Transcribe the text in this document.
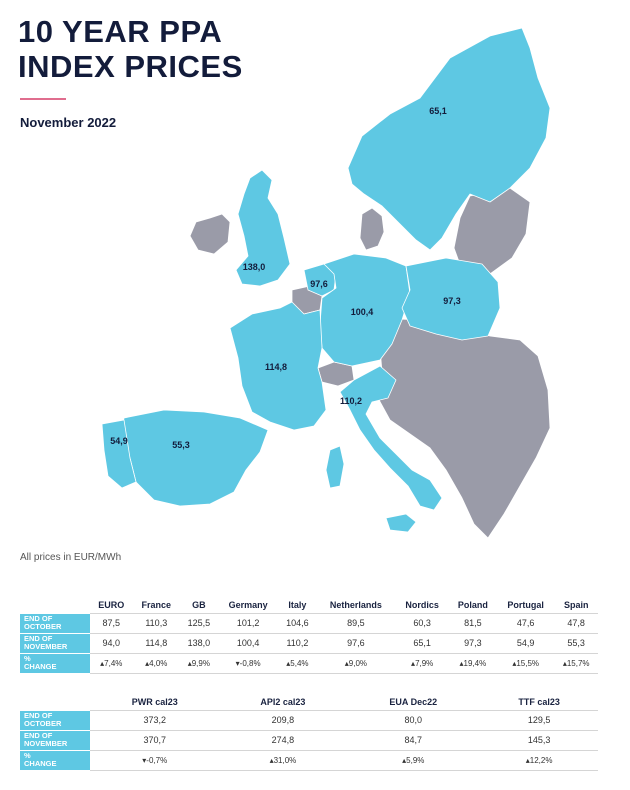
10 YEAR PPA
INDEX PRICES
November 2022
65,1
138,0
97,6
100,4
97,3
114,8
110,2
54,9	55,3
All prices in EUR/MWh
	EURO	France	GB	Germany	Italy	Netherlands	Nordics	Poland	Portugal	Spain
END OF
OCTOBER	87,5	110,3	125,5	101,2	104,6	89,5	60,3	81,5	47,6	47,8
END OF
NOVEMBER	94,0	114,8	138,0	100,4	110,2	97,6	65,1	97,3	54,9	55,3
%
CHANGE	▴7,4%	▴4,0%	▴9,9%	▾-0,8%	▴5,4%	▴9,0%	▴7,9%	▴19,4%	▴15,5%	▴15,7%
	PWR cal23	API2 cal23	EUA Dec22	TTF cal23
END OF
OCTOBER	373,2	209,8	80,0	129,5
END OF
NOVEMBER	370,7	274,8	84,7	145,3
%
CHANGE	▾-0,7%	▴31,0%	▴5,9%	▴12,2%
